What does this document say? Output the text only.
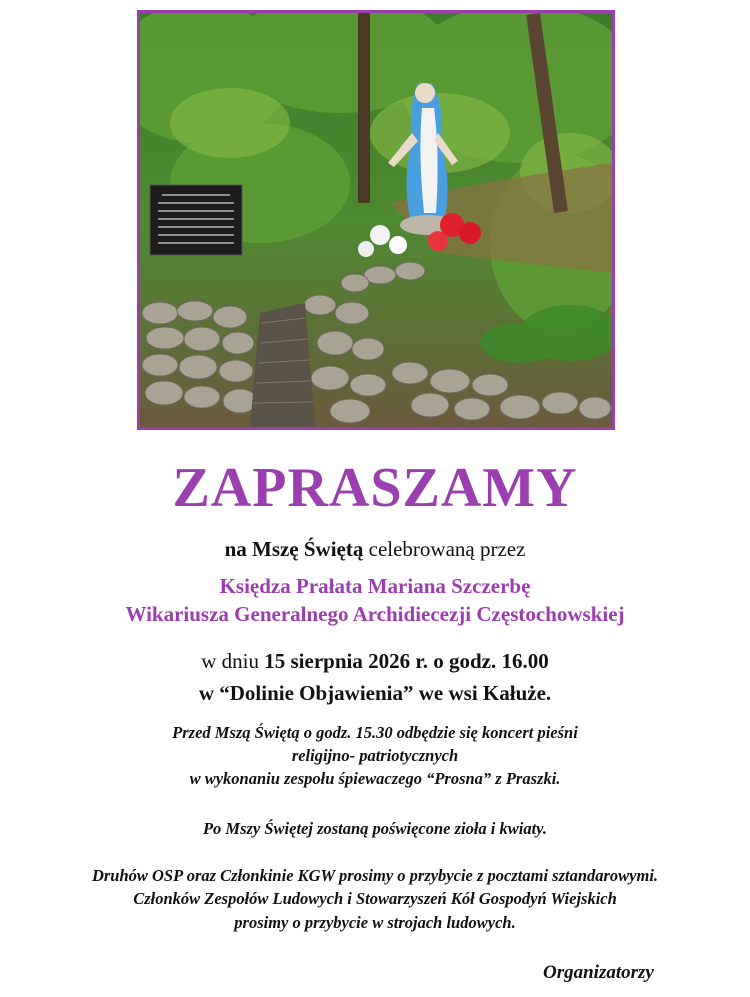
ZAPRASZAMY
na Mszę Świętą celebrowaną przez
Księdza Prałata Mariana Szczerbę
Wikariusza Generalnego Archidiecezji Częstochowskiej
w dniu 15 sierpnia 2026 r. o godz. 16.00
w “Dolinie Objawienia” we wsi Kałuże.
Przed Mszą Świętą o godz. 15.30 odbędzie się koncert pieśni
religijno- patriotycznych
w wykonaniu zespołu śpiewaczego “Prosna” z Praszki.
Po Mszy Świętej zostaną poświęcone zioła i kwiaty.
Druhów OSP oraz Członkinie KGW prosimy o przybycie z pocztami sztandarowymi.
Członków Zespołów Ludowych i Stowarzyszeń Kół Gospodyń Wiejskich
prosimy o przybycie w strojach ludowych.
Organizatorzy
